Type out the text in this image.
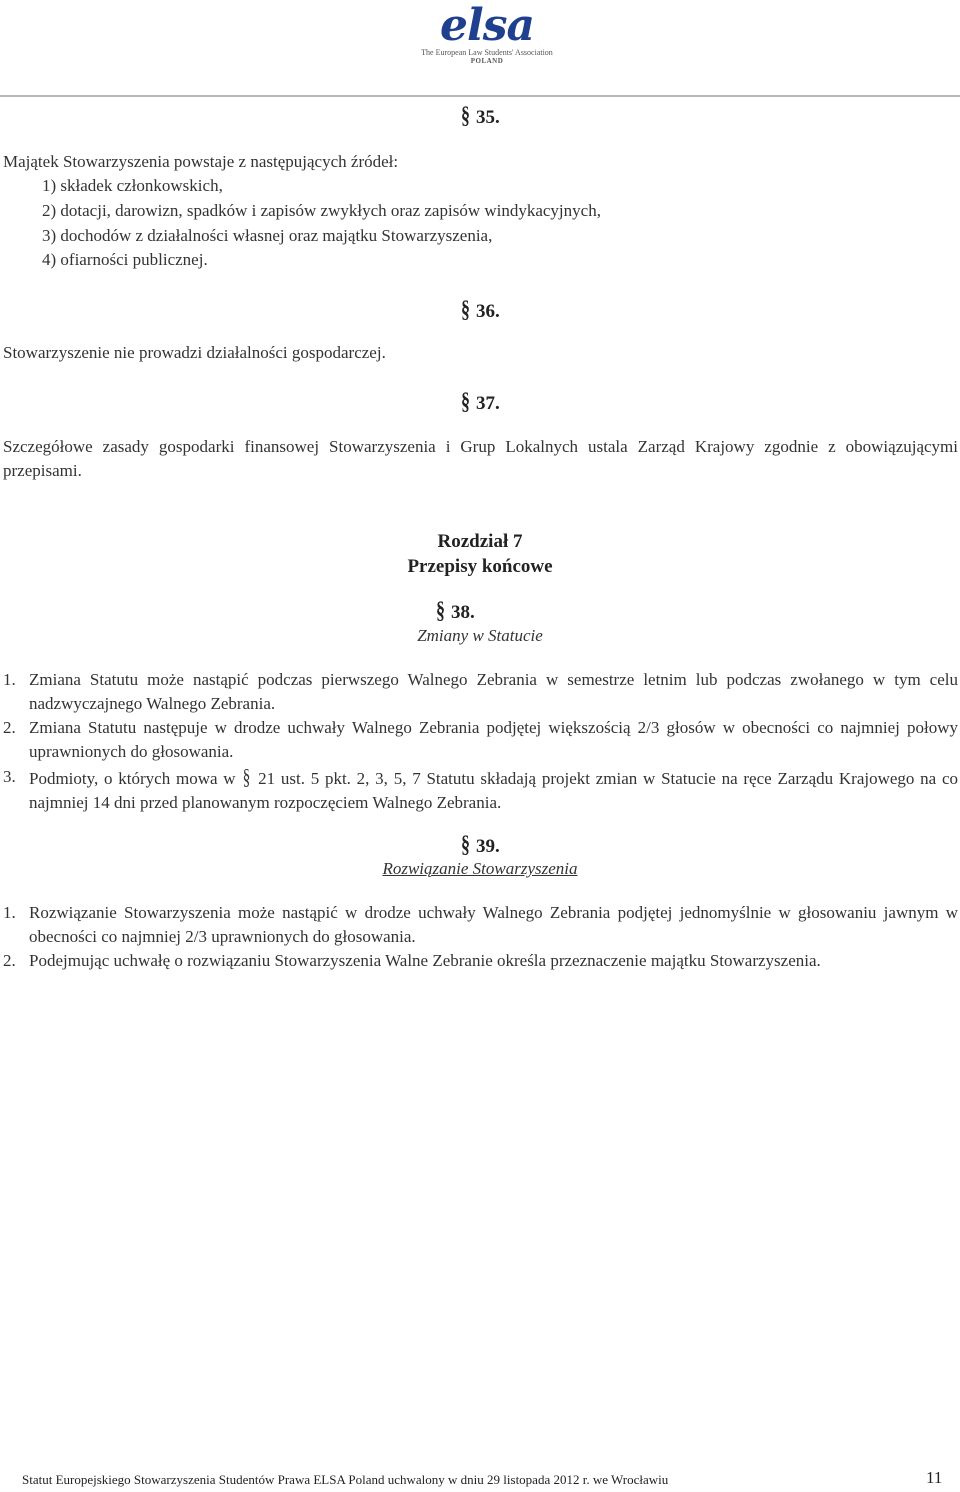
elsa
The European Law Students' Association
POLAND
§ 35.
Majątek Stowarzyszenia powstaje z następujących źródeł:
1) składek członkowskich,
2) dotacji, darowizn, spadków i zapisów zwykłych oraz zapisów windykacyjnych,
3) dochodów z działalności własnej oraz majątku Stowarzyszenia,
4) ofiarności publicznej.
§ 36.
Stowarzyszenie nie prowadzi działalności gospodarczej.
§ 37.
Szczegółowe zasady gospodarki finansowej Stowarzyszenia i Grup Lokalnych ustala Zarząd Krajowy zgodnie z obowiązującymi przepisami.
Rozdział 7
Przepisy końcowe
§ 38.
Zmiany w Statucie
1. Zmiana Statutu może nastąpić podczas pierwszego Walnego Zebrania w semestrze letnim lub podczas zwołanego w tym celu nadzwyczajnego Walnego Zebrania.
2. Zmiana Statutu następuje w drodze uchwały Walnego Zebrania podjętej większością 2/3 głosów w obecności co najmniej połowy uprawnionych do głosowania.
3. Podmioty, o których mowa w § 21 ust. 5 pkt. 2, 3, 5, 7 Statutu składają projekt zmian w Statucie na ręce Zarządu Krajowego na co najmniej 14 dni przed planowanym rozpoczęciem Walnego Zebrania.
§ 39.
Rozwiązanie Stowarzyszenia
1. Rozwiązanie Stowarzyszenia może nastąpić w drodze uchwały Walnego Zebrania podjętej jednomyślnie w głosowaniu jawnym w obecności co najmniej 2/3 uprawnionych do głosowania.
2. Podejmując uchwałę o rozwiązaniu Stowarzyszenia Walne Zebranie określa przeznaczenie majątku Stowarzyszenia.
Statut Europejskiego Stowarzyszenia Studentów Prawa ELSA Poland uchwalony w dniu 29 listopada 2012 r. we Wrocławiu	11
